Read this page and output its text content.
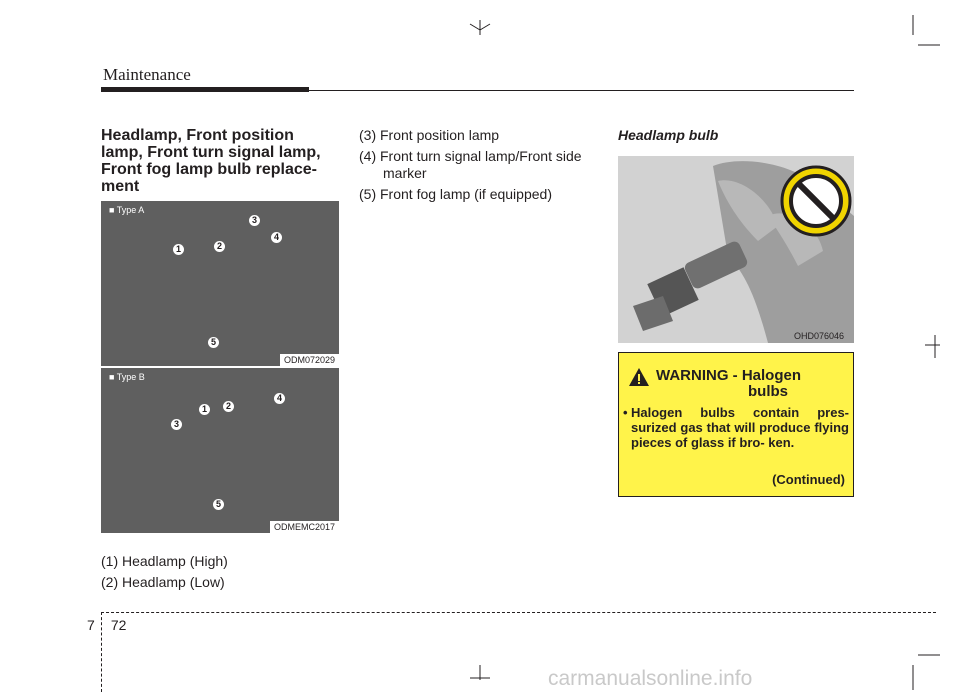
Maintenance
Headlamp, Front position lamp, Front turn signal lamp, Front fog lamp bulb replace- ment
■ Type A
1	2
3
4
5
ODM072029
■ Type B
1	2
3
4
5
ODMEMC2017
(1) Headlamp (High)
(2) Headlamp (Low)
(3) Front position lamp
(4) Front turn signal lamp/Front side marker
(5) Front fog lamp (if equipped)
Headlamp bulb
OHD076046
WARNING - Halogen
bulbs
• Halogen bulbs contain pres- surized gas that will produce flying pieces of glass if bro- ken.
(Continued)
7 72
carmanualsonline.info
